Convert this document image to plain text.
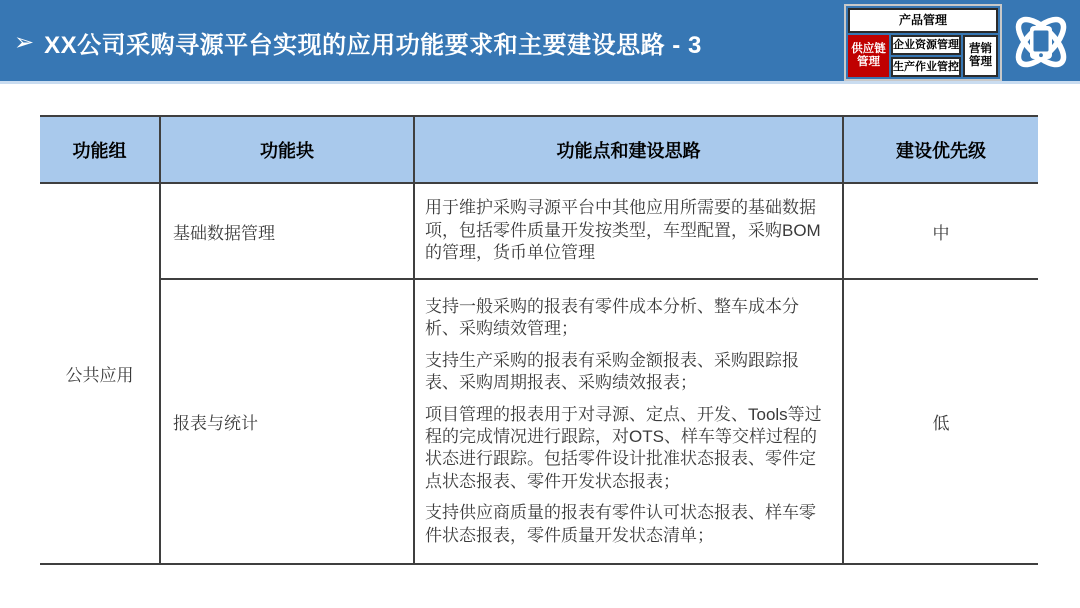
➢ XX公司采购寻源平台实现的应用功能要求和主要建设思路 - 3
产品管理
供应链管理
企业资源管理
生产作业管控
营销管理
功能组	功能块	功能点和建设思路	建设优先级
公共应用	基础数据管理	用于维护采购寻源平台中其他应用所需要的基础数据项，包括零件质量开发按类型，车型配置，采购BOM的管理，货币单位管理	中
	报表与统计	支持一般采购的报表有零件成本分析、整车成本分析、采购绩效管理；

支持生产采购的报表有采购金额报表、采购跟踪报表、采购周期报表、采购绩效报表；

项目管理的报表用于对寻源、定点、开发、Tools等过程的完成情况进行跟踪，对OTS、样车等交样过程的状态进行跟踪。包括零件设计批准状态报表、零件定点状态报表、零件开发状态报表；

支持供应商质量的报表有零件认可状态报表、样车零件状态报表，零件质量开发状态清单；	低
